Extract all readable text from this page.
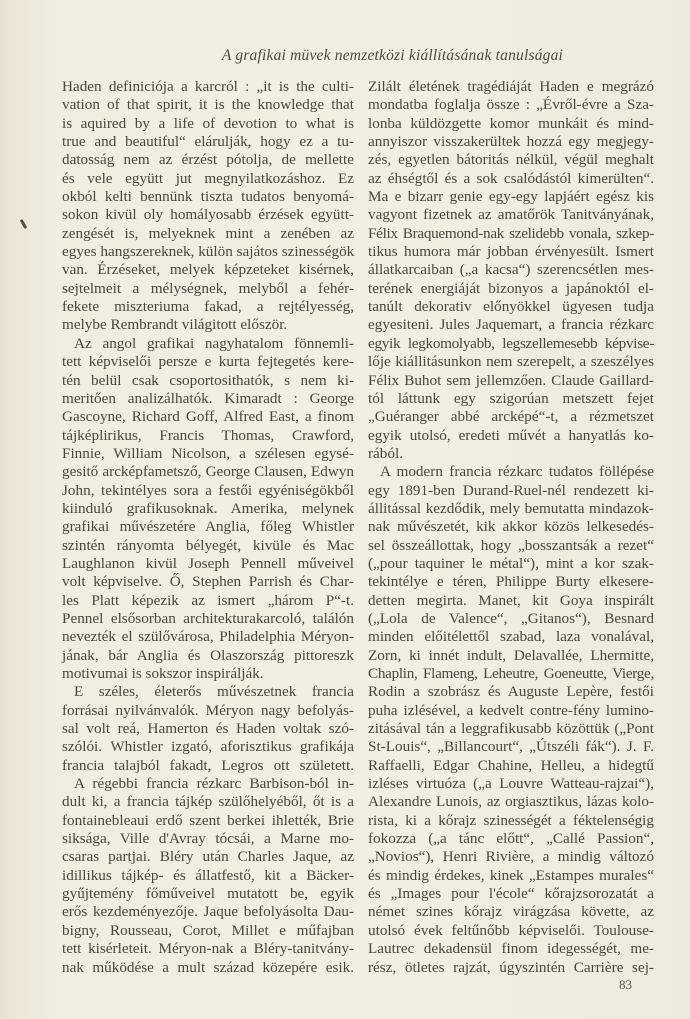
A grafikai müvek nemzetközi kiállításának tanulságai
Haden definiciója a karcról : „it is the culti-
vation of that spirit, it is the knowledge that
is aquired by a life of devotion to what is
true and beautiful“ elárulják, hogy ez a tu-
datosság nem az érzést pótolja, de mellette
és vele együtt jut megnyilatkozáshoz. Ez
okból kelti bennünk tiszta tudatos benyomá-
sokon kivül oly homályosabb érzések együtt-
zengését is, melyeknek mint a zenében az
egyes hangszereknek, külön sajátos szinességök
van. Érzéseket, melyek képzeteket kisérnek,
sejtelmeit a mélységnek, melyből a fehér-
fekete miszteriuma fakad, a rejtélyesség,
melybe Rembrandt világitott először.
Az angol grafikai nagyhatalom fönnemli-
tett képviselői persze e kurta fejtegetés kere-
tén belül csak csoportosithatók, s nem ki-
meritően analizálhatók. Kimaradt : George
Gascoyne, Richard Goff, Alfred East, a finom
tájképlirikus, Francis Thomas, Crawford,
Finnie, William Nicolson, a szélesen egysé-
gesitő arcképfametsző, George Clausen, Edwyn
John, tekintélyes sora a festői egyéniségökből
kiinduló grafikusoknak. Amerika, melynek
grafikai művészetére Anglia, főleg Whistler
szintén rányomta bélyegét, kivüle és Mac
Laughlanon kivül Joseph Pennell műveivel
volt képviselve. Ő, Stephen Parrish és Char-
les Platt képezik az ismert „három P“-t.
Pennel elsősorban architekturakarcoló, találón
nevezték el szülővárosa, Philadelphia Méryon-
jának, bár Anglia és Olaszország pittoreszk
motivumai is sokszor inspirálják.
E széles, életerős művészetnek francia
forrásai nyilvánvalók. Méryon nagy befolyás-
sal volt reá, Hamerton és Haden voltak szó-
szólói. Whistler izgató, aforisztikus grafikája
francia talajból fakadt, Legros ott született.
A régebbi francia rézkarc Barbison-ból in-
dult ki, a francia tájkép szülőhelyéből, őt is a
fontainebleaui erdő szent berkei ihlették, Brie
siksága, Ville d'Avray tócsái, a Marne mo-
csaras partjai. Bléry után Charles Jaque, az
idillikus tájkép- és állatfestő, kit a Bäcker-
gyűjtemény főműveivel mutatott be, egyik
erős kezdeményezője. Jaque befolyásolta Dau-
bigny, Rousseau, Corot, Millet e műfajban
tett kisérleteit. Méryon-nak a Bléry-tanitvány-
nak működése a mult század közepére esik.
Zilált életének tragédiáját Haden e megrázó
mondatba foglalja össze : „Évről-évre a Sza-
lonba küldözgette komor munkáit és mind-
annyiszor visszakerültek hozzá egy megjegy-
zés, egyetlen bátoritás nélkül, végül meghalt
az éhségtől és a sok csalódástól kimerülten“.
Ma e bizarr genie egy-egy lapjáért egész kis
vagyont fizetnek az amatőrök Tanitványának,
Félix Braquemond-nak szelidebb vonala, szkep-
tikus humora már jobban érvényesült. Ismert
állatkarcaiban („a kacsa“) szerencsétlen mes-
terének energiáját bizonyos a japánoktól el-
tanúlt dekorativ előnyökkel ügyesen tudja
egyesiteni. Jules Jaquemart, a francia rézkarc
egyik legkomolyabb, legszellemesebb képvise-
lője kiállitásunkon nem szerepelt, a szeszélyes
Félix Buhot sem jellemzően. Claude Gaillard-
tól láttunk egy szigorúan metszett fejet
„Guéranger abbé arcképé“-t, a rézmetszet
egyik utolsó, eredeti művét a hanyatlás ko-
rából.
A modern francia rézkarc tudatos föllépése
egy 1891-ben Durand-Ruel-nél rendezett ki-
állitással kezdődik, mely bemutatta mindazok-
nak művészetét, kik akkor közös lelkesedés-
sel összeállottak, hogy „bosszantsák a rezet“
(„pour taquiner le métal“), mint a kor szak-
tekintélye e téren, Philippe Burty elkesere-
detten megirta. Manet, kit Goya inspirált
(„Lola de Valence“, „Gitanos“), Besnard
minden előitélettől szabad, laza vonalával,
Zorn, ki innét indult, Delavallée, Lhermitte,
Chaplin, Flameng, Leheutre, Goeneutte, Vierge,
Rodin a szobrász és Auguste Lepère, festői
puha izlésével, a kedvelt contre-fény lumino-
zitásával tán a leggrafikusabb közöttük („Pont
St-Louis“, „Billancourt“, „Útszéli fák“). J. F.
Raffaelli, Edgar Chahine, Helleu, a hidegtű
izléses virtuóza („a Louvre Watteau-rajzai“),
Alexandre Lunois, az orgiasztikus, lázas kolo-
rista, ki a kőrajz szinességét a féktelenségig
fokozza („a tánc előtt“, „Callé Passion“,
„Novios“), Henri Rivière, a mindig változó
és mindig érdekes, kinek „Estampes murales“
és „Images pour l'école“ kőrajzsorozatát a
német szines kőrajz virágzása követte, az
utolsó évek feltűnőbb képviselői. Toulouse-
Lautrec dekadensül finom idegességét, me-
rész, ötletes rajzát, úgyszintén Carrière sej-
83
